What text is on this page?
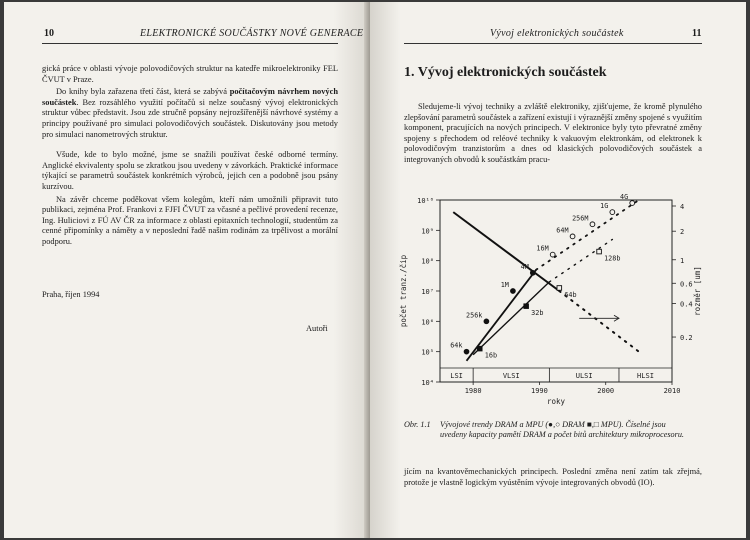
10	ELEKTRONICKÉ SOUČÁSTKY NOVÉ GENERACE

gická práce v oblasti vývoje polovodičových struktur na katedře mikroelektroniky FEL ČVUT v Praze.

Do knihy byla zařazena třetí část, která se zabývá počítačovým návrhem nových součástek. Bez rozsáhlého využití počítačů si nelze současný vývoj elektronických struktur vůbec představit. Jsou zde stručně popsány nejrozšířenější návrhové systémy a principy používané pro simulaci polovodičových součástek. Diskutovány jsou metody pro simulaci nanometrových struktur.

Všude, kde to bylo možné, jsme se snažili používat české odborné termíny. Anglické ekvivalenty spolu se zkratkou jsou uvedeny v závorkách. Praktické informace týkající se parametrů součástek konkrétních výrobců, jejich cen a podobně jsou psány kurzívou.

Na závěr chceme poděkovat všem kolegům, kteří nám umožnili připravit tuto publikaci, zejména Prof. Frankovi z FJFI ČVUT za včasné a pečlivé provedení recenze, Ing. Huliciovi z FÚ AV ČR za informace z oblasti epitaxních technologií, studentům za cenné připomínky a náměty a v neposlední řadě našim rodinám za trpělivost a morální podporu.

Praha, říjen 1994
Autoři
Vývoj elektronických součástek	11
1. Vývoj elektronických součástek

Sledujeme-li vývoj techniky a zvláště elektroniky, zjišťujeme, že kromě plynulého zlepšování parametrů součástek a zařízení existují i výraznější změny spojené s využitím komponent, pracujících na nových principech. V elektronice byly tyto převratné změny spojeny s přechodem od reléové techniky k vakuovým elektronkám, od elektronek k polovodičovým tranzistorům a dnes od klasických polovodičových součástek a integrovaných obvodů k součástkám pracu-

LSI	VLSI	ULSI	HLSI
10⁴
10⁵
10⁶
10⁷
10⁸
10⁹
10¹⁰
4
2
1
0.6
0.4
0.2
1980	1990	2000	2010
roky
počet tranz./čip	rozměr [um]
64k
256k
1M
4M
16M
64M
256M
1G
4G
16b
32b
64b
128b
Obr. 1.1	Vývojové trendy DRAM a MPU (●,○ DRAM ■,□ MPU). Číselné jsou uvedeny kapacity pamětí DRAM a počet bitů architektury mikroprocesoru.

jícím na kvantověmechanických principech. Poslední změna není zatím tak zřejmá, protože je vlastně logickým vyústěním vývoje integrovaných obvodů (IO).
